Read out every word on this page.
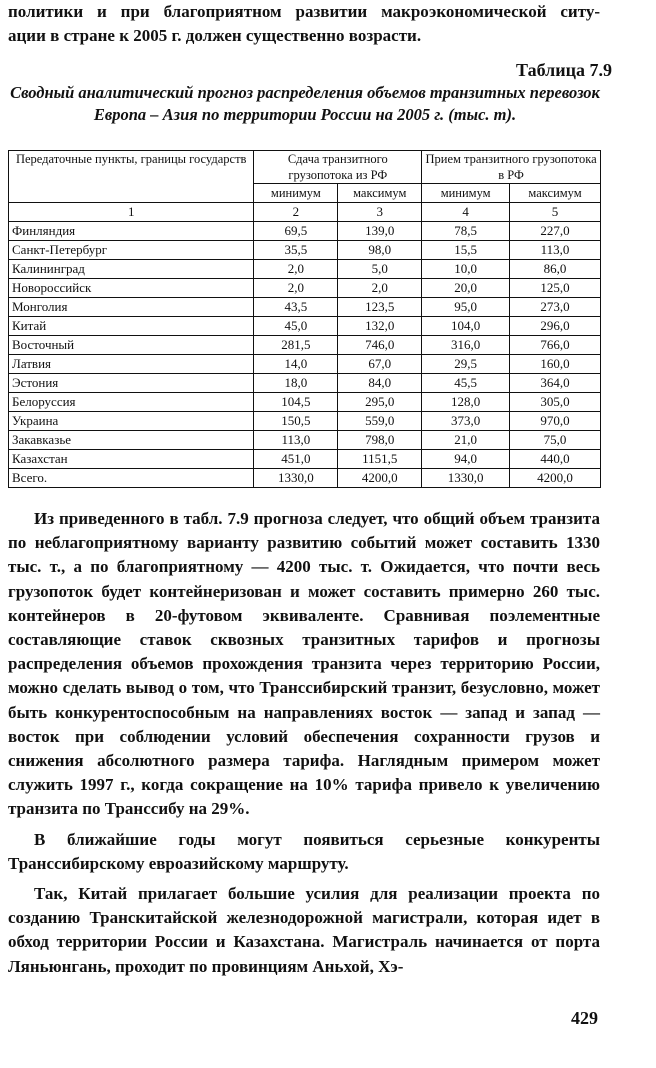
политики и при благоприятном развитии макроэкономической ситу-
ации в стране к 2005 г. должен существенно возрасти.
Таблица 7.9
Сводный аналитический прогноз распределения объемов транзитных перевозок Европа – Азия по территории России на 2005 г. (тыс. т).
Передаточные пункты, границы государств	Сдача транзитного грузопотока из РФ		Прием транзитного грузопотока в РФ	
	минимум	максимум	минимум	максимум
1	2	3	4	5
Финляндия	69,5	139,0	78,5	227,0
Санкт-Петербург	35,5	98,0	15,5	113,0
Калининград	2,0	5,0	10,0	86,0
Новороссийск	2,0	2,0	20,0	125,0
Монголия	43,5	123,5	95,0	273,0
Китай	45,0	132,0	104,0	296,0
Восточный	281,5	746,0	316,0	766,0
Латвия	14,0	67,0	29,5	160,0
Эстония	18,0	84,0	45,5	364,0
Белоруссия	104,5	295,0	128,0	305,0
Украина	150,5	559,0	373,0	970,0
Закавказье	113,0	798,0	21,0	75,0
Казахстан	451,0	1151,5	94,0	440,0
Всего.	1330,0	4200,0	1330,0	4200,0

Из приведенного в табл. 7.9 прогноза следует, что общий объем транзита по неблагоприятному варианту развитию событий может составить 1330 тыс. т., а по благоприятному — 4200 тыс. т. Ожидается, что почти весь грузопоток будет контейнеризован и может составить примерно 260 тыс. контейнеров в 20-футовом эквиваленте. Сравнивая поэлементные составляющие ставок сквозных транзитных тарифов и прогнозы распределения объемов прохождения транзита через территорию России, можно сделать вывод о том, что Транссибирский транзит, безусловно, может быть конкурентоспособным на направлениях восток — запад и запад — восток при соблюдении условий обеспечения сохранности грузов и снижения абсолютного размера тарифа. Наглядным примером может служить 1997 г., когда сокращение на 10% тарифа привело к увеличению транзита по Транссибу на 29%.

В ближайшие годы могут появиться серьезные конкуренты Транссибирскому евроазийскому маршруту.

Так, Китай прилагает большие усилия для реализации проекта по созданию Транскитайской железнодорожной магистрали, которая идет в обход территории России и Казахстана. Магистраль начинается от порта Ляньюнгань, проходит по провинциям Аньхой, Хэ-

429
